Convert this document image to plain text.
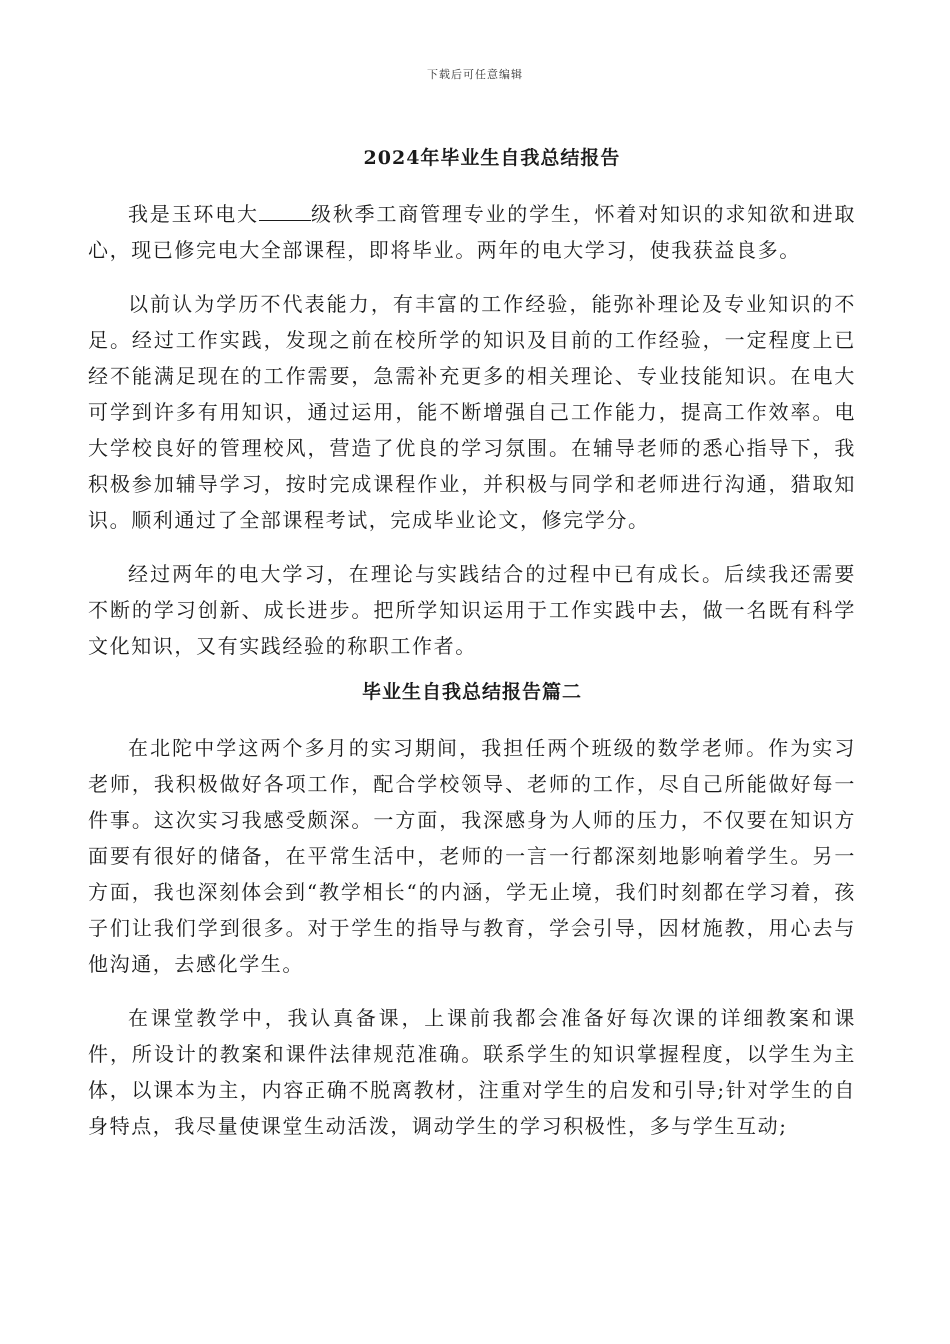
下载后可任意编辑
2024年毕业生自我总结报告

我是玉环电大	级秋季工商管理专业的学生，怀着对知识的求知欲和进取心，现已修完电大全部课程，即将毕业。两年的电大学习，使我获益良多。

以前认为学历不代表能力，有丰富的工作经验，能弥补理论及专业知识的不足。经过工作实践，发现之前在校所学的知识及目前的工作经验，一定程度上已经不能满足现在的工作需要，急需补充更多的相关理论、专业技能知识。在电大可学到许多有用知识，通过运用，能不断增强自己工作能力，提高工作效率。电大学校良好的管理校风，营造了优良的学习氛围。在辅导老师的悉心指导下，我积极参加辅导学习，按时完成课程作业，并积极与同学和老师进行沟通，猎取知识。顺利通过了全部课程考试，完成毕业论文，修完学分。

经过两年的电大学习，在理论与实践结合的过程中已有成长。后续我还需要不断的学习创新、成长进步。把所学知识运用于工作实践中去，做一名既有科学文化知识，又有实践经验的称职工作者。

毕业生自我总结报告篇二

在北陀中学这两个多月的实习期间，我担任两个班级的数学老师。作为实习老师，我积极做好各项工作，配合学校领导、老师的工作，尽自己所能做好每一件事。这次实习我感受颇深。一方面，我深感身为人师的压力，不仅要在知识方面要有很好的储备，在平常生活中，老师的一言一行都深刻地影响着学生。另一方面，我也深刻体会到“教学相长“的内涵，学无止境，我们时刻都在学习着，孩子们让我们学到很多。对于学生的指导与教育，学会引导，因材施教，用心去与他沟通，去感化学生。

在课堂教学中，我认真备课，上课前我都会准备好每次课的详细教案和课件，所设计的教案和课件法律规范准确。联系学生的知识掌握程度，以学生为主体，以课本为主，内容正确不脱离教材，注重对学生的启发和引导;针对学生的自身特点，我尽量使课堂生动活泼，调动学生的学习积极性，多与学生互动;
